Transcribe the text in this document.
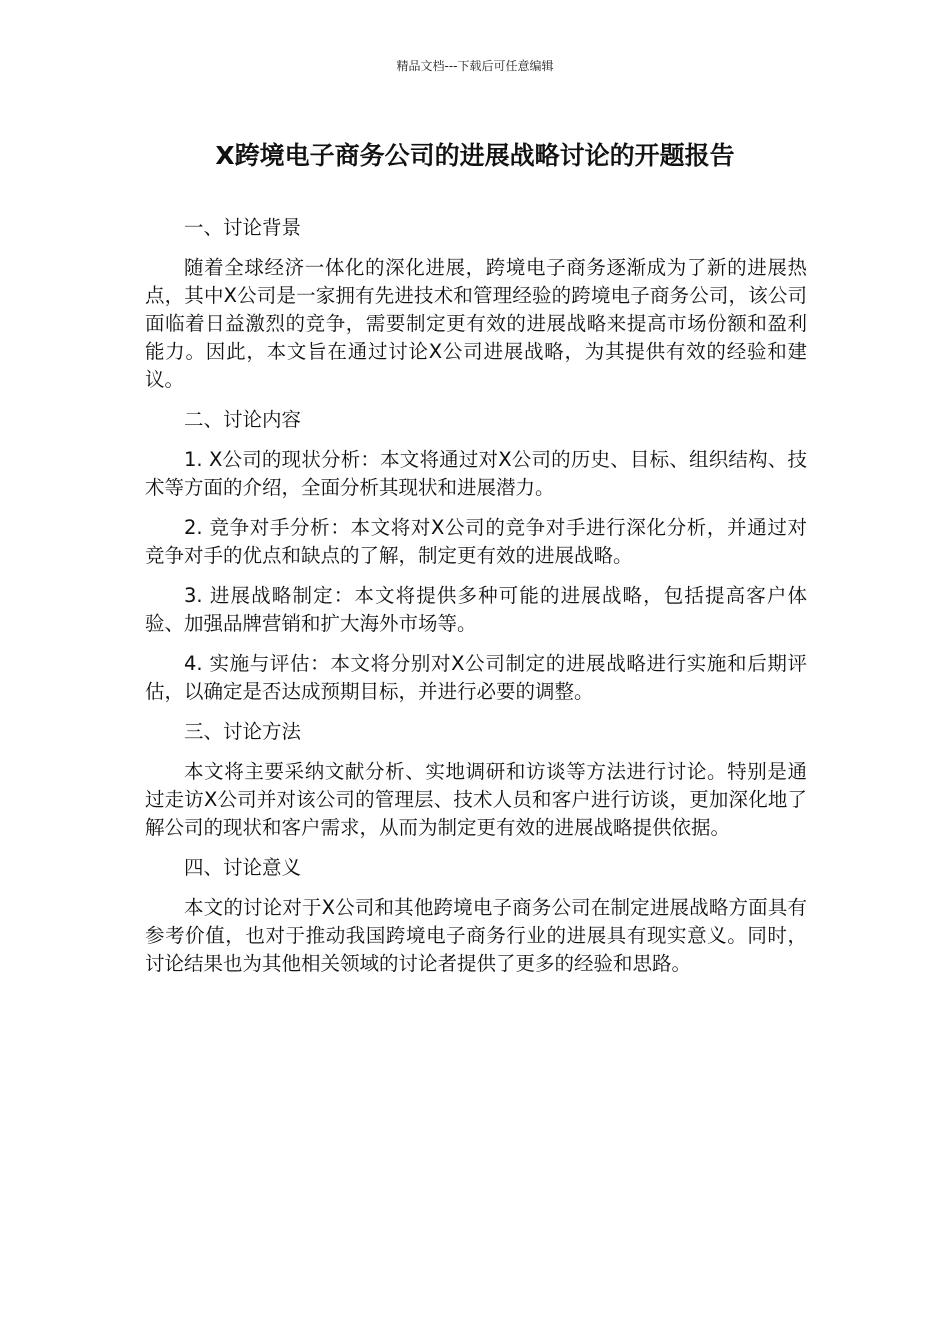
精品文档---下载后可任意编辑
X跨境电子商务公司的进展战略讨论的开题报告

一、讨论背景

随着全球经济一体化的深化进展，跨境电子商务逐渐成为了新的进展热点，其中X公司是一家拥有先进技术和管理经验的跨境电子商务公司，该公司面临着日益激烈的竞争，需要制定更有效的进展战略来提高市场份额和盈利能力。因此，本文旨在通过讨论X公司进展战略，为其提供有效的经验和建议。

二、讨论内容

1. X公司的现状分析：本文将通过对X公司的历史、目标、组织结构、技术等方面的介绍，全面分析其现状和进展潜力。

2. 竞争对手分析：本文将对X公司的竞争对手进行深化分析，并通过对竞争对手的优点和缺点的了解，制定更有效的进展战略。

3. 进展战略制定：本文将提供多种可能的进展战略，包括提高客户体验、加强品牌营销和扩大海外市场等。

4. 实施与评估：本文将分别对X公司制定的进展战略进行实施和后期评估，以确定是否达成预期目标，并进行必要的调整。

三、讨论方法

本文将主要采纳文献分析、实地调研和访谈等方法进行讨论。特别是通过走访X公司并对该公司的管理层、技术人员和客户进行访谈，更加深化地了解公司的现状和客户需求，从而为制定更有效的进展战略提供依据。

四、讨论意义

本文的讨论对于X公司和其他跨境电子商务公司在制定进展战略方面具有参考价值，也对于推动我国跨境电子商务行业的进展具有现实意义。同时，讨论结果也为其他相关领域的讨论者提供了更多的经验和思路。
